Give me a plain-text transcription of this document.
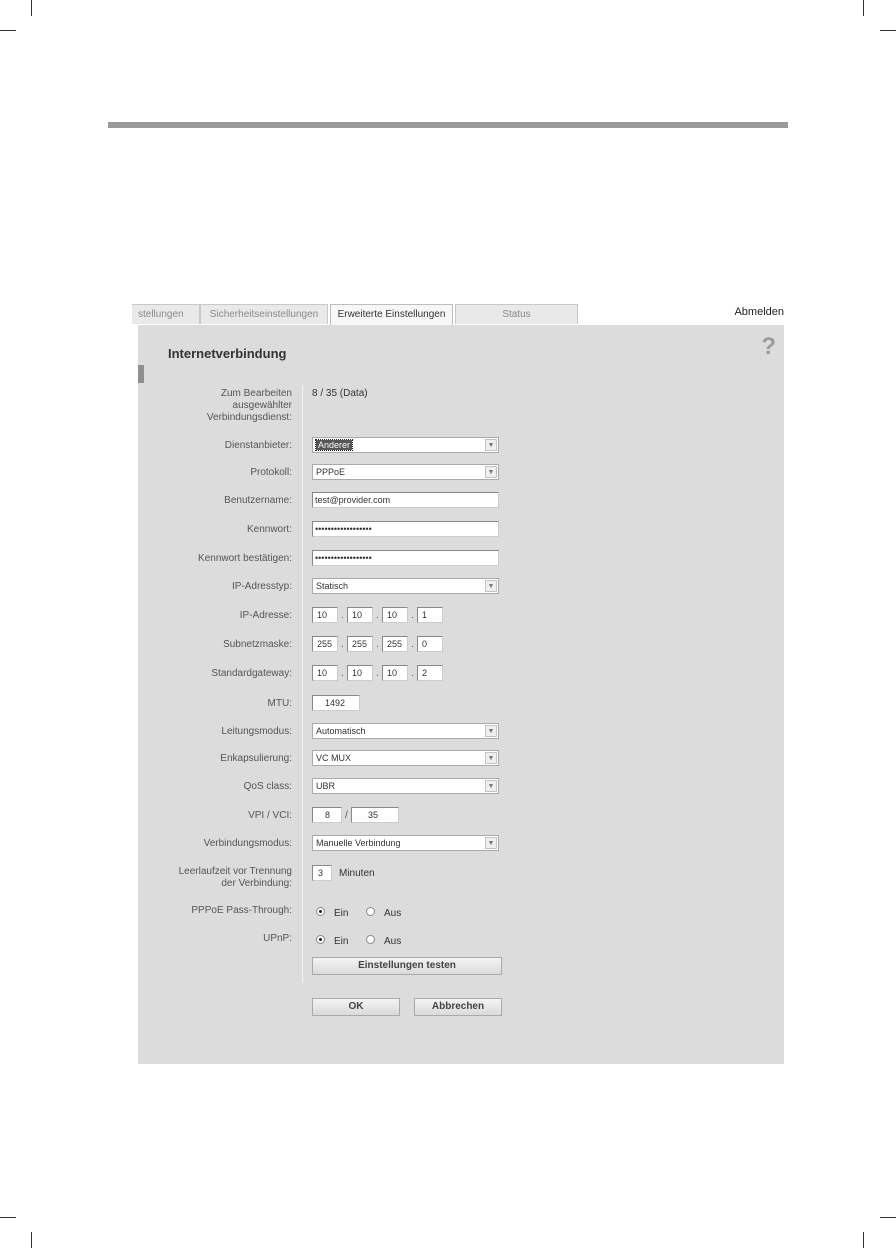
stellungen	Sicherheitseinstellungen	Erweiterte Einstellungen	Status	Abmelden
Internetverbindung	?
Zum Bearbeiten
ausgewählter
Verbindungsdienst:
8 / 35 (Data)
Dienstanbieter:	Anderer	▼
Protokoll:	PPPoE	▼
Benutzername:	test@provider.com
Kennwort:	••••••••••••••••••
Kennwort bestätigen:	••••••••••••••••••
IP-Adresstyp:	Statisch	▼
IP-Adresse:	10	. 10	. 10	. 1
Subnetzmaske:	255 . 255 . 255 . 0
Standardgateway:	10	. 10	. 10	. 2
MTU:	1492
Leitungsmodus:	Automatisch	▼
Enkapsulierung:	VC MUX	▼
QoS class:	UBR	▼
VPI / VCI:	8	/	35
Verbindungsmodus:	Manuelle Verbindung	▼
Leerlaufzeit vor Trennung
der Verbindung:
3	Minuten
PPPoE Pass-Through:	Ein	Aus
UPnP:	Ein	Aus
Einstellungen testen
OK	Abbrechen
